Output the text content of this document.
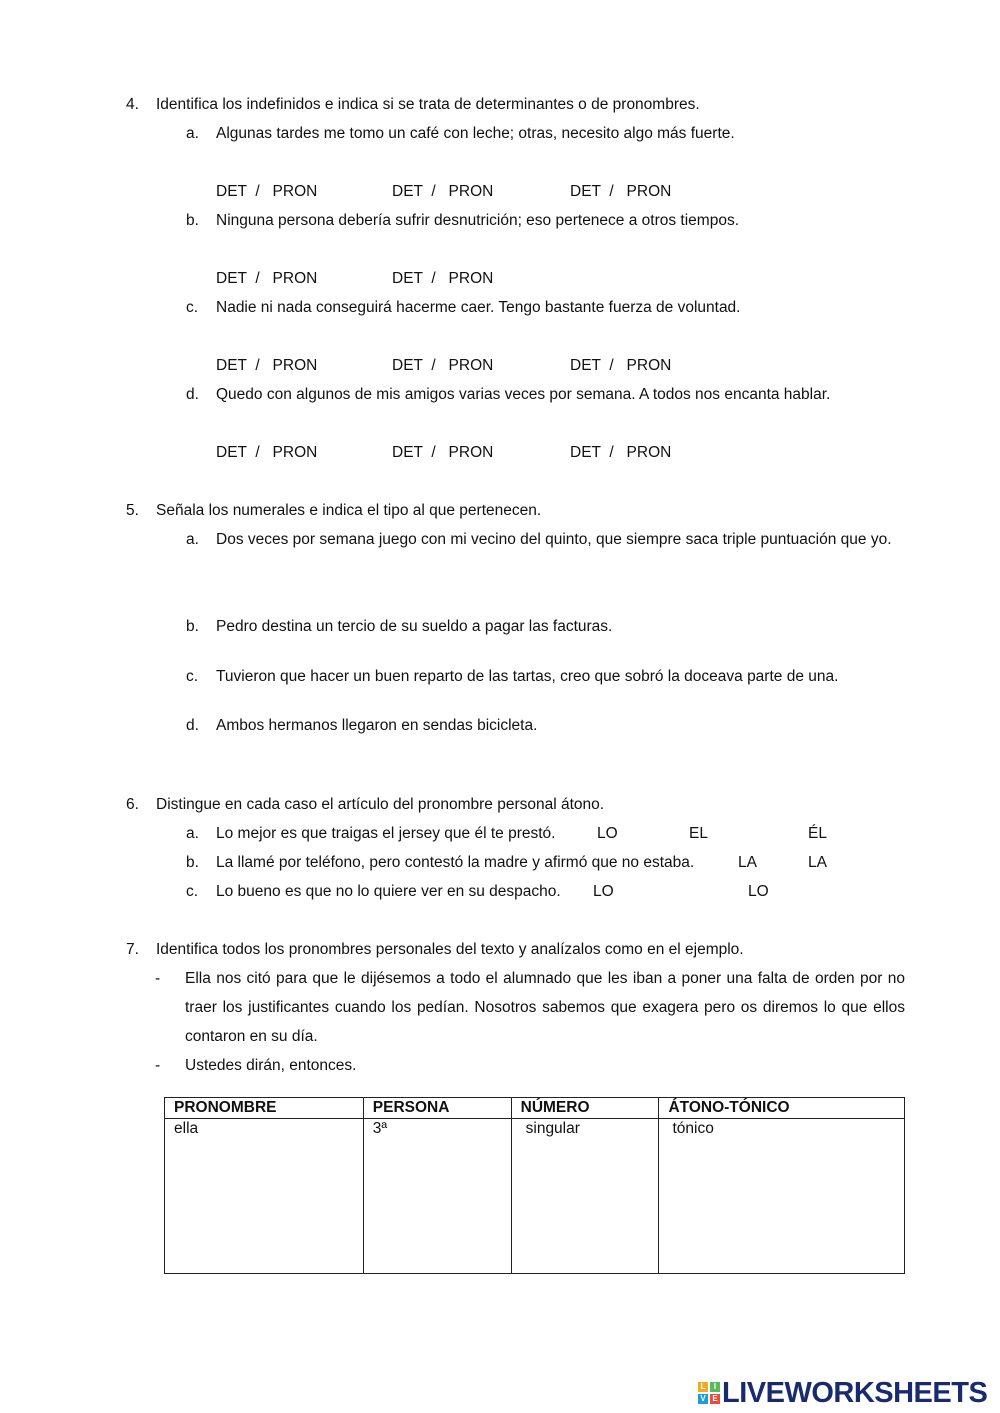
4. Identifica los indefinidos e indica si se trata de determinantes o de pronombres.
a. Algunas tardes me tomo un café con leche; otras, necesito algo más fuerte.
DET  /   PRON	DET  /   PRON	DET  /   PRON
b. Ninguna persona debería sufrir desnutrición; eso pertenece a otros tiempos.
DET  /   PRON	DET  /   PRON
c. Nadie ni nada conseguirá hacerme caer. Tengo bastante fuerza de voluntad.
DET  /   PRON	DET  /   PRON	DET  /   PRON
d. Quedo con algunos de mis amigos varias veces por semana. A todos nos encanta hablar.
DET  /   PRON	DET  /   PRON	DET  /   PRON
5. Señala los numerales e indica el tipo al que pertenecen.
a. Dos veces por semana juego con mi vecino del quinto, que siempre saca triple puntuación que yo.
b. Pedro destina un tercio de su sueldo a pagar las facturas.
c. Tuvieron que hacer un buen reparto de las tartas, creo que sobró la doceava parte de una.
d. Ambos hermanos llegaron en sendas bicicleta.
6. Distingue en cada caso el artículo del pronombre personal átono.
a. Lo mejor es que traigas el jersey que él te prestó.	LO	EL	ÉL
b. La llamé por teléfono, pero contestó la madre y afirmó que no estaba.	LA	LA
c. Lo bueno es que no lo quiere ver en su despacho. LO	LO
7. Identifica todos los pronombres personales del texto y analízalos como en el ejemplo.
- Ella nos citó para que le dijésemos a todo el alumnado que les iban a poner una falta de orden por no traer los justificantes cuando los pedían. Nosotros sabemos que exagera pero os diremos lo que ellos contaron en su día.
- Ustedes dirán, entonces.
PRONOMBRE	PERSONA	NÚMERO	ÁTONO-TÓNICO
ella	3ª	singular	tónico
L	I
V E LIVEWORKSHEETS
